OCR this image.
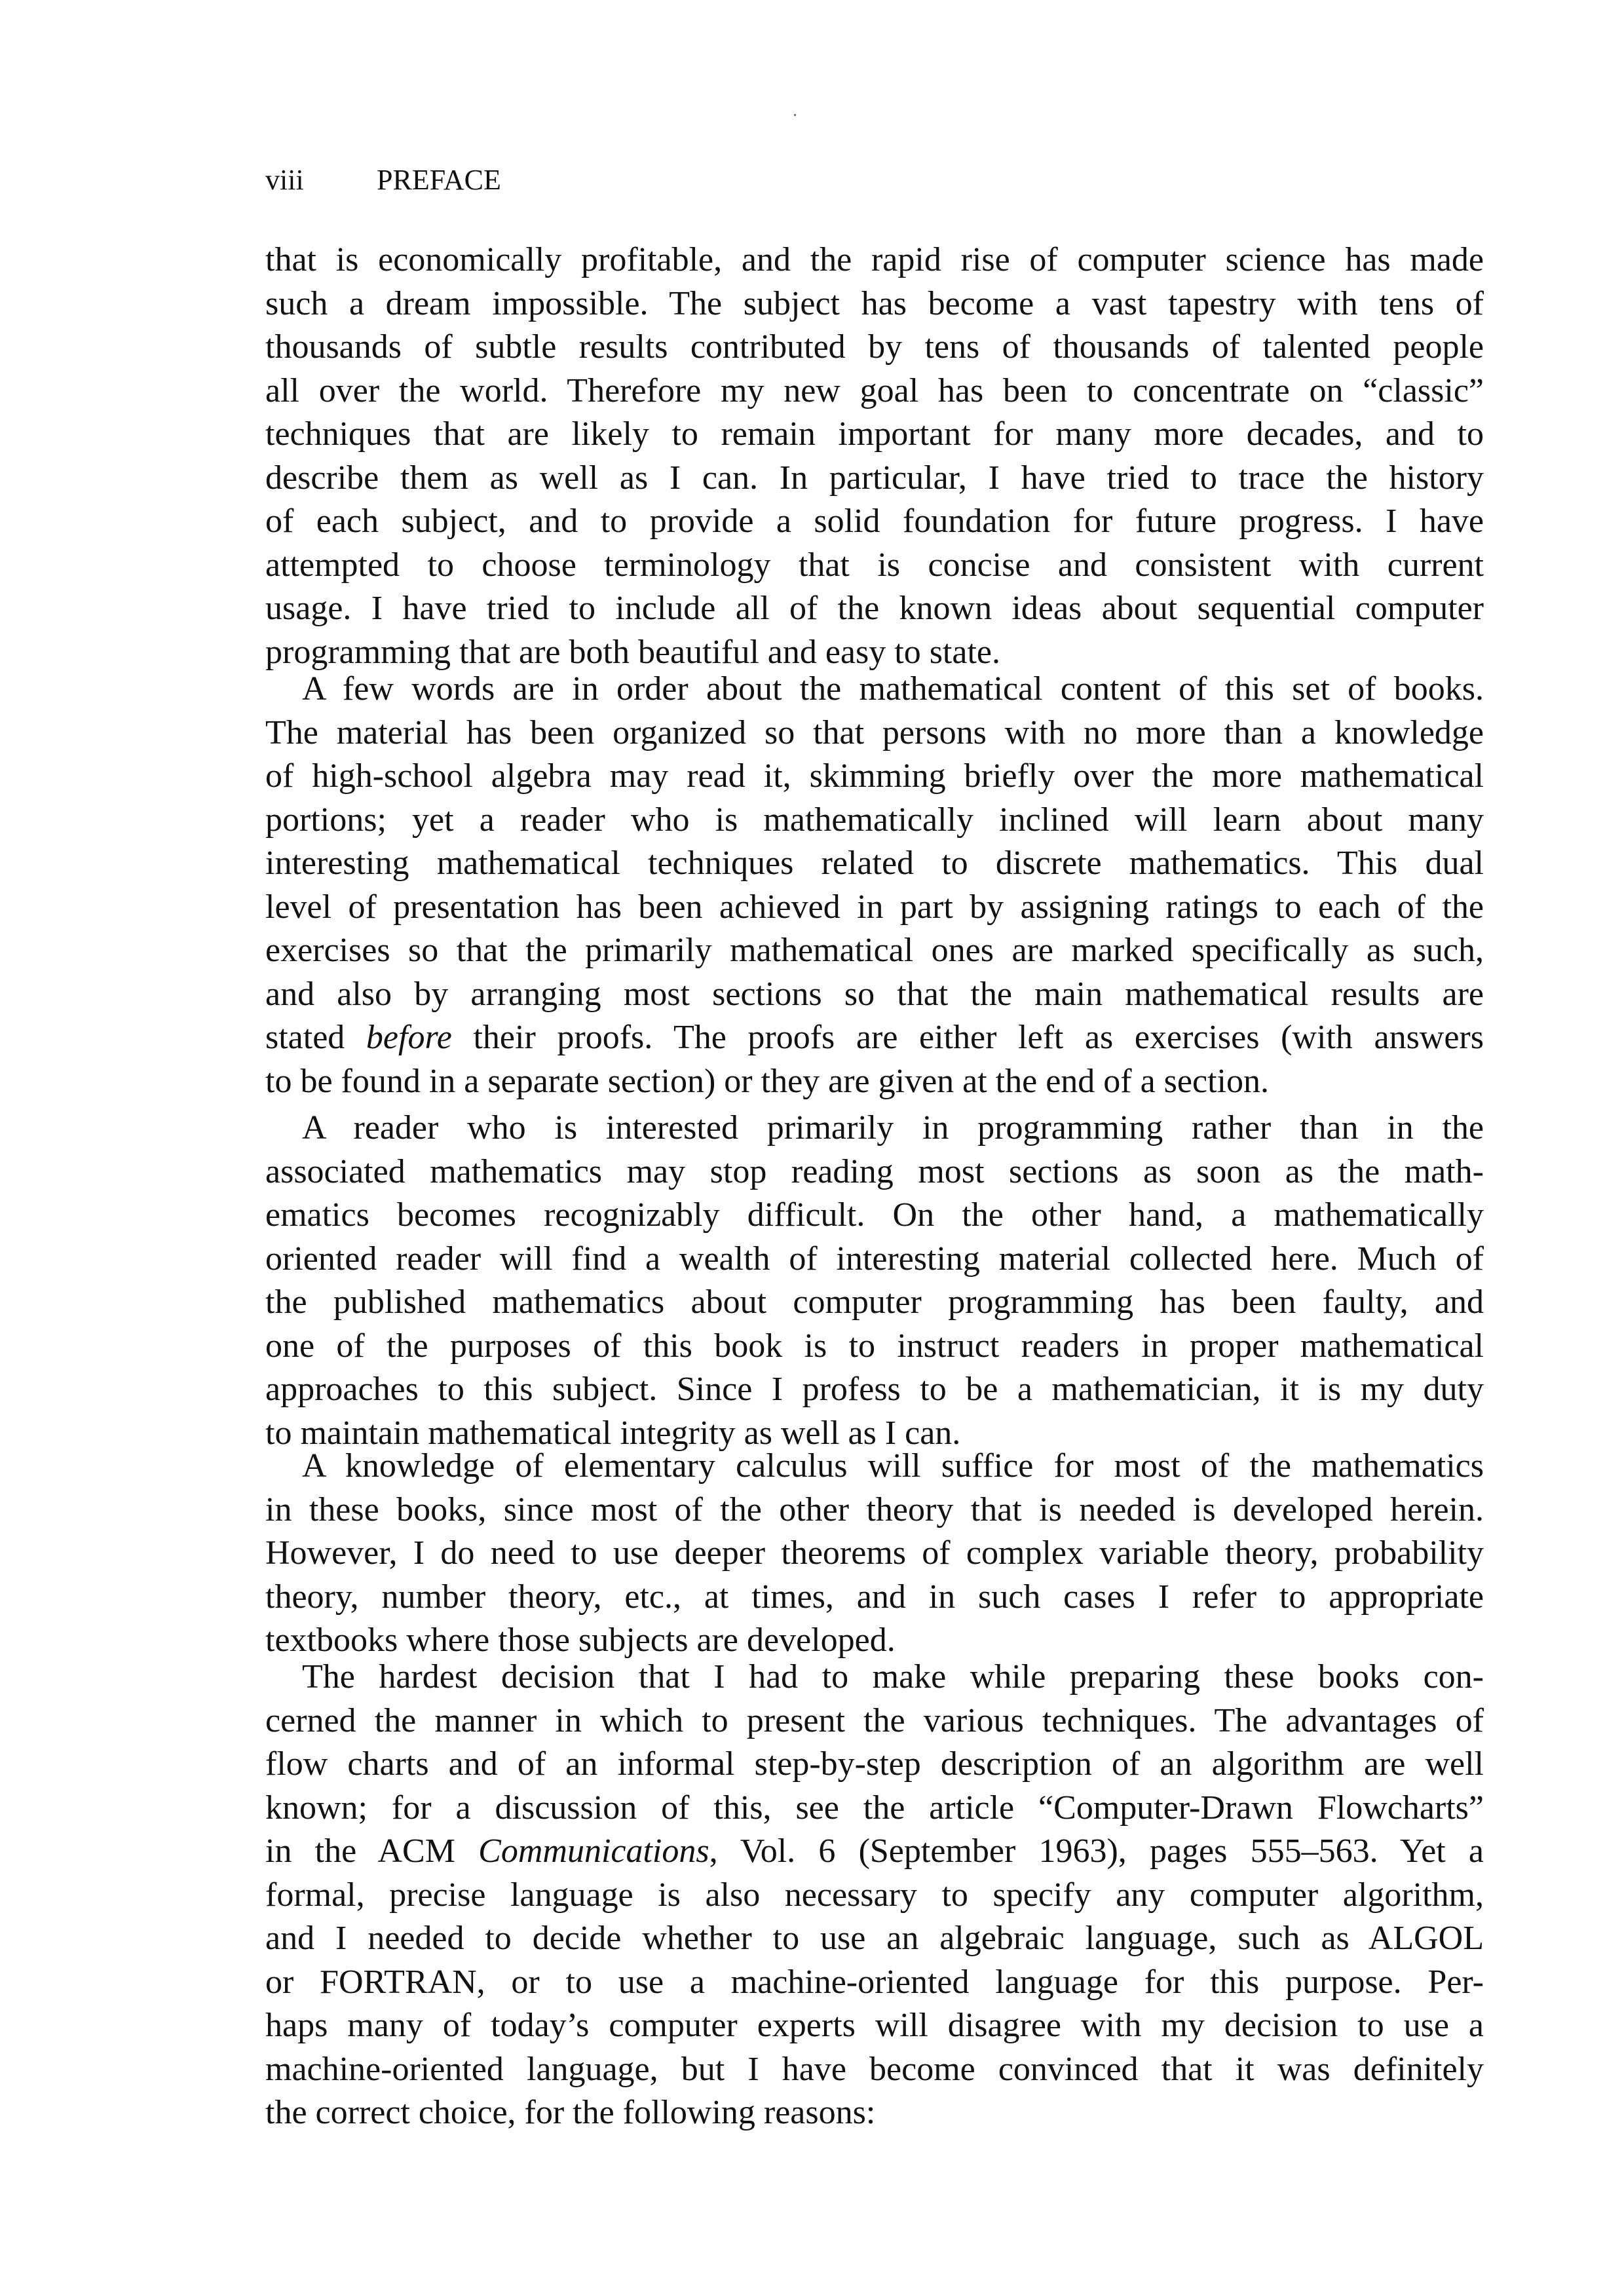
viii	PREFACE
that is economically profitable, and the rapid rise of computer science has made
such a dream impossible. The subject has become a vast tapestry with tens of
thousands of subtle results contributed by tens of thousands of talented people
all over the world. Therefore my new goal has been to concentrate on “classic”
techniques that are likely to remain important for many more decades, and to
describe them as well as I can. In particular, I have tried to trace the history
of each subject, and to provide a solid foundation for future progress. I have
attempted to choose terminology that is concise and consistent with current
usage. I have tried to include all of the known ideas about sequential computer
programming that are both beautiful and easy to state.
A few words are in order about the mathematical content of this set of books.
The material has been organized so that persons with no more than a knowledge
of high-school algebra may read it, skimming briefly over the more mathematical
portions; yet a reader who is mathematically inclined will learn about many
interesting mathematical techniques related to discrete mathematics. This dual
level of presentation has been achieved in part by assigning ratings to each of the
exercises so that the primarily mathematical ones are marked specifically as such,
and also by arranging most sections so that the main mathematical results are
stated before their proofs. The proofs are either left as exercises (with answers
to be found in a separate section) or they are given at the end of a section.
A reader who is interested primarily in programming rather than in the
associated mathematics may stop reading most sections as soon as the math-
ematics becomes recognizably difficult. On the other hand, a mathematically
oriented reader will find a wealth of interesting material collected here. Much of
the published mathematics about computer programming has been faulty, and
one of the purposes of this book is to instruct readers in proper mathematical
approaches to this subject. Since I profess to be a mathematician, it is my duty
to maintain mathematical integrity as well as I can.
A knowledge of elementary calculus will suffice for most of the mathematics
in these books, since most of the other theory that is needed is developed herein.
However, I do need to use deeper theorems of complex variable theory, probability
theory, number theory, etc., at times, and in such cases I refer to appropriate
textbooks where those subjects are developed.
The hardest decision that I had to make while preparing these books con-
cerned the manner in which to present the various techniques. The advantages of
flow charts and of an informal step-by-step description of an algorithm are well
known; for a discussion of this, see the article “Computer-Drawn Flowcharts”
in the ACM Communications, Vol. 6 (September 1963), pages 555–563. Yet a
formal, precise language is also necessary to specify any computer algorithm,
and I needed to decide whether to use an algebraic language, such as ALGOL
or FORTRAN, or to use a machine-oriented language for this purpose. Per-
haps many of today’s computer experts will disagree with my decision to use a
machine-oriented language, but I have become convinced that it was definitely
the correct choice, for the following reasons:
